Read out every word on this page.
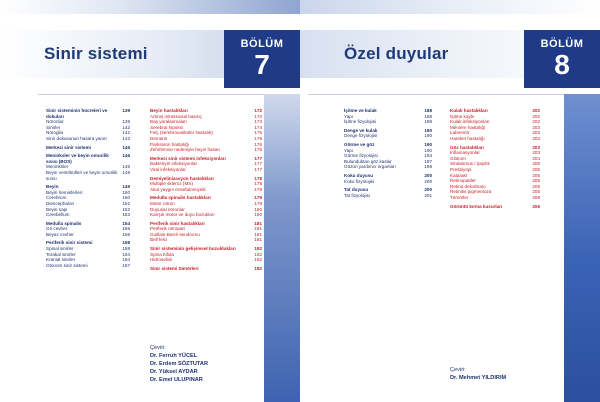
Sinir sistemi	BÖLÜM
7
Sinir sisteminin hücreleri ve dokuları
139
Nöronlar	139
Sinirler	142
Nöroglia	142
Sinir dokusunun hasara yanıtı	143
Merkezi sinir sistemi	145
Meninksler ve beyin omurilik sıvısı (BOS)
146
Meninksler	146
Beyin ventrikülleri ve beyin omurilik sıvısı
148
Beyin	149
Beyin hemisferleri	150
Cerebrum	150
Diencephalon	152
Beyin sapı	152
Cerebellum	153
Medulla spinalis	154
Gri cevher	155
Beyaz cevher	156
Periferik sinir sistemi	158
Spinal sinirler	158
Torakal sinirler	164
Kranial sinirler	164
Otonom sinir sistemi	167
Beyin hastalıkları	172
Artmış intrakranial basınç	172
Baş yaralanmaları	173
Serebral hipoksi	174
Felç (serebrovasküler hastalık)	175
Demans	176
Parkinson hastalığı	176
Zehirlenme nedeniyle beyin hasarı	176
Merkezi sinir sistemi infeksiyonları	177
Bakteriyel infeksiyonlar	177
Viral infeksiyonlar	177
Demiyelinizasyon hastalıkları	178
Multiple skleroz (MS)	178
Akut yaygın ensefalomiyelit	178
Medulla spinalis hastalıkları	179
Motor nöron	179
Duyusal nöronlar	180
Karışık motor ve duyu bozukları	180
Periferik sinir hastalıkları	181
Periferik nöropati	181
Guillain-Barré sendromu	181
Bell felci	181
Sinir sisteminin gelişimsel bozuklukları	182
Spina bifida	182
Hidrosefali	182
Sinir sistemi tümörleri	182
Çeviri:
Dr. Ferruh YÜCEL
Dr. Erdem SÖZTUTAR
Dr. Yüksel AYDAR
Dr. Emel ULUPINAR
Özel duyular	BÖLÜM
8
İşitme ve kulak	188
Yapı	188
İşitme fizyolojisi	189
Denge ve kulak	190
Denge fizyolojisi	190
Görme ve göz	190
Yapı	190
Görme fizyolojisi	194
Bulunduktan göz kaslar	197
Gözün yardımcı organları	198
Koku duyusu	200
Koku fizyolojisi	200
Tat duyusu	200
Tat fizyolojisi	201
Kulak hastalıkları	202
İşitme kaybı	202
Kulak infeksiyonları	202
Ménière hastalığı	203
Labirentit	203
Hareket hastalığı	203
Göz hastalıkları	203
İnflamasyonlar	203
Glokom	204
Strabismus / şaşılık	205
Presbiyopi	205
Katarakt	205
Retinopatiler	205
Retina dekolmanı	205
Retinitis pigmentoza	205
Tümörler	206
Görüntü kırma kusurları	206
Çeviri:
Dr. Mehmet YILDIRIM
